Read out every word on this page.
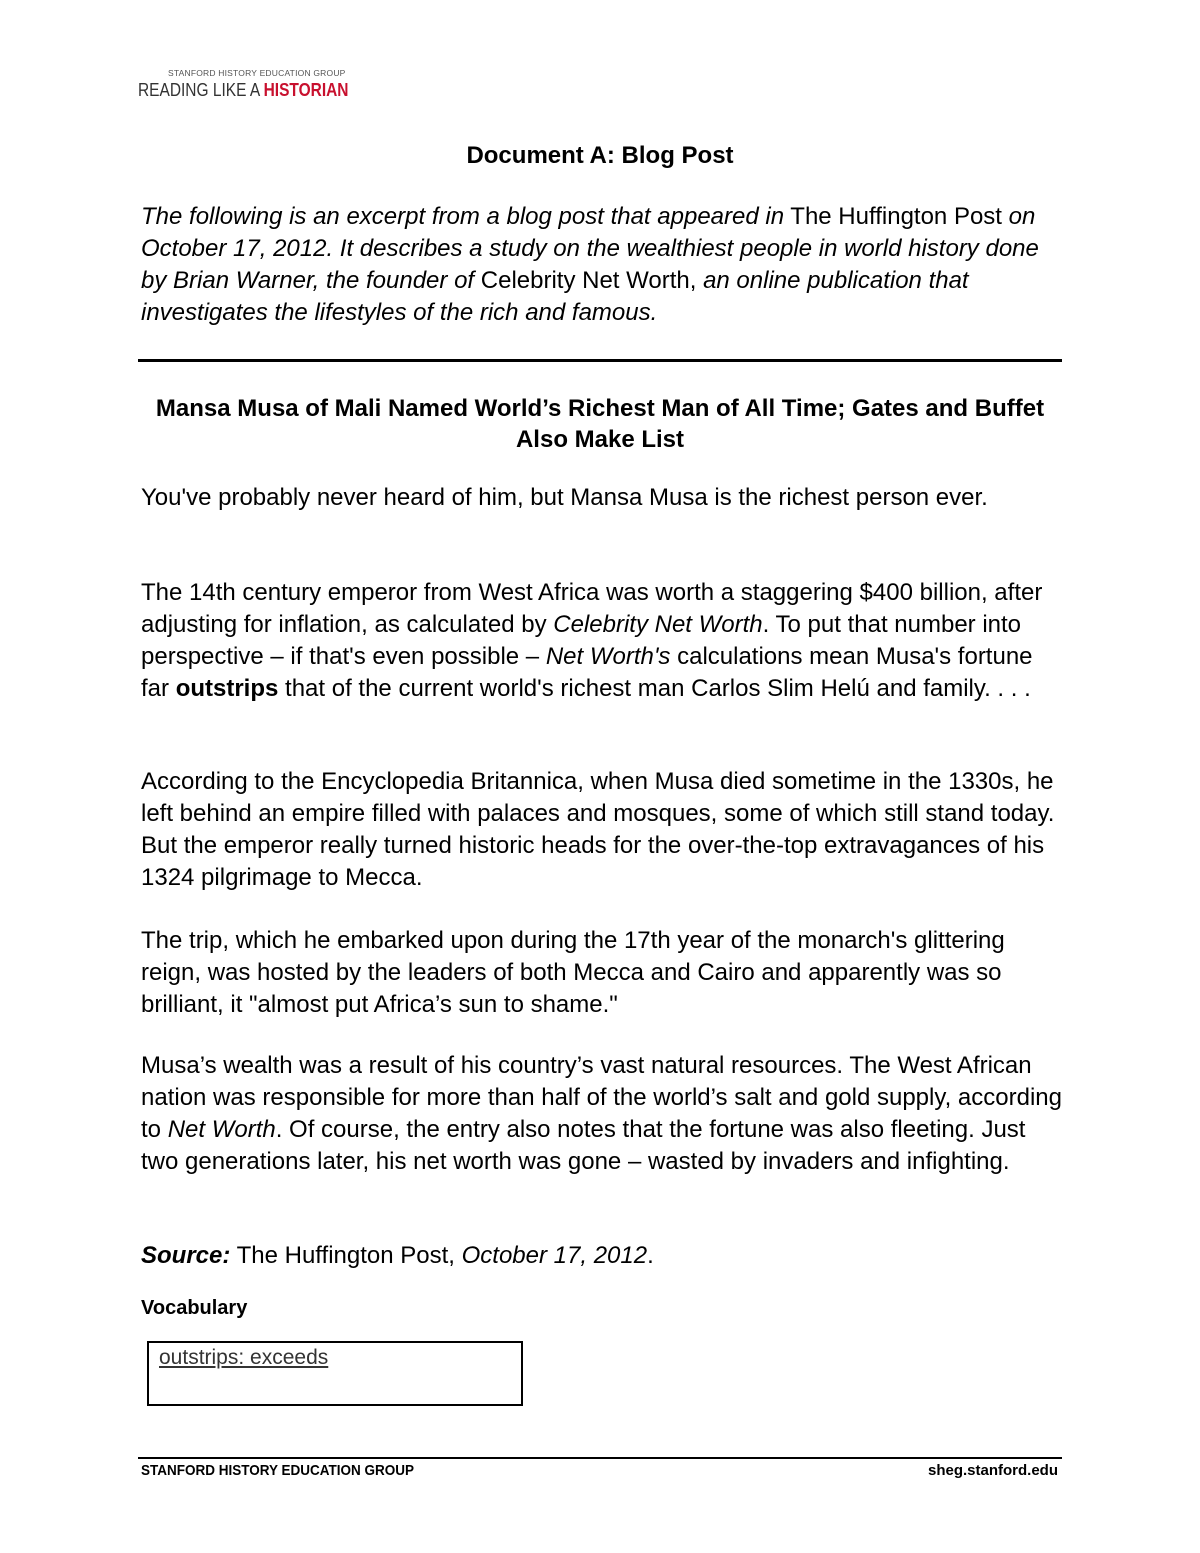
STANFORD HISTORY EDUCATION GROUP
READING LIKE A HISTORIAN
Document A: Blog Post
The following is an excerpt from a blog post that appeared in The Huffington Post on October 17, 2012. It describes a study on the wealthiest people in world history done by Brian Warner, the founder of Celebrity Net Worth, an online publication that investigates the lifestyles of the rich and famous.
Mansa Musa of Mali Named World’s Richest Man of All Time; Gates and Buffet Also Make List
You've probably never heard of him, but Mansa Musa is the richest person ever.
The 14th century emperor from West Africa was worth a staggering $400 billion, after adjusting for inflation, as calculated by Celebrity Net Worth. To put that number into perspective – if that's even possible – Net Worth's calculations mean Musa's fortune far outstrips that of the current world's richest man Carlos Slim Helú and family. . . .
According to the Encyclopedia Britannica, when Musa died sometime in the 1330s, he left behind an empire filled with palaces and mosques, some of which still stand today. But the emperor really turned historic heads for the over-the-top extravagances of his 1324 pilgrimage to Mecca.
The trip, which he embarked upon during the 17th year of the monarch's glittering reign, was hosted by the leaders of both Mecca and Cairo and apparently was so brilliant, it "almost put Africa’s sun to shame."
Musa’s wealth was a result of his country’s vast natural resources. The West African nation was responsible for more than half of the world’s salt and gold supply, according to Net Worth. Of course, the entry also notes that the fortune was also fleeting. Just two generations later, his net worth was gone – wasted by invaders and infighting.
Source: The Huffington Post, October 17, 2012.
Vocabulary
outstrips: exceeds
STANFORD HISTORY EDUCATION GROUP	sheg.stanford.edu
